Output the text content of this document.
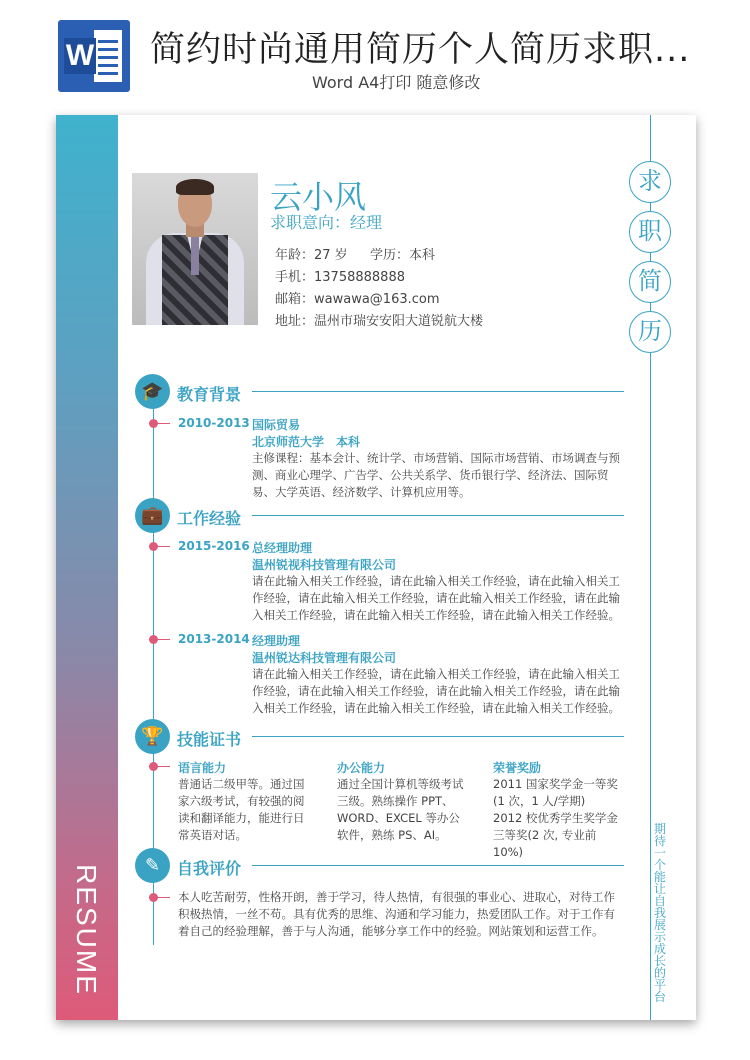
W 简约时尚通用简历个人简历求职...
Word A4打印 随意修改
RESUME
求
职
简
历
期待一个能让自我展示成长的平台
云小风
求职意向：经理
年龄：27 岁 学历：本科
手机：13758888888
邮箱：wawawa@163.com
地址：温州市瑞安安阳大道锐航大楼
🎓 教育背景
2010-2013 国际贸易
北京师范大学　本科
主修课程：基本会计、统计学、市场营销、国际市场营销、市场调查与预测、商业心理学、广告学、公共关系学、货币银行学、经济法、国际贸易、大学英语、经济数学、计算机应用等。
💼 工作经验
2015-2016 总经理助理
温州锐视科技管理有限公司
请在此输入相关工作经验，请在此输入相关工作经验，请在此输入相关工作经验，请在此输入相关工作经验，请在此输入相关工作经验，请在此输入相关工作经验，请在此输入相关工作经验，请在此输入相关工作经验。
2013-2014 经理助理
温州锐达科技管理有限公司
请在此输入相关工作经验，请在此输入相关工作经验，请在此输入相关工作经验，请在此输入相关工作经验，请在此输入相关工作经验，请在此输入相关工作经验，请在此输入相关工作经验，请在此输入相关工作经验。
🏆 技能证书
语言能力
普通话二级甲等。通过国家六级考试，有较强的阅读和翻译能力，能进行日常英语对话。
办公能力
通过全国计算机等级考试三级。熟练操作 PPT、WORD、EXCEL 等办公软件，熟练 PS、AI。
荣誉奖励
2011 国家奖学金一等奖(1 次，1 人/学期)
2012 校优秀学生奖学金三等奖(2 次, 专业前 10%)
✎	自我评价
本人吃苦耐劳，性格开朗，善于学习，待人热情，有很强的事业心、进取心，对待工作积极热情，一丝不苟。具有优秀的思维、沟通和学习能力，热爱团队工作。对于工作有着自己的经验理解，善于与人沟通，能够分享工作中的经验。网站策划和运营工作。
